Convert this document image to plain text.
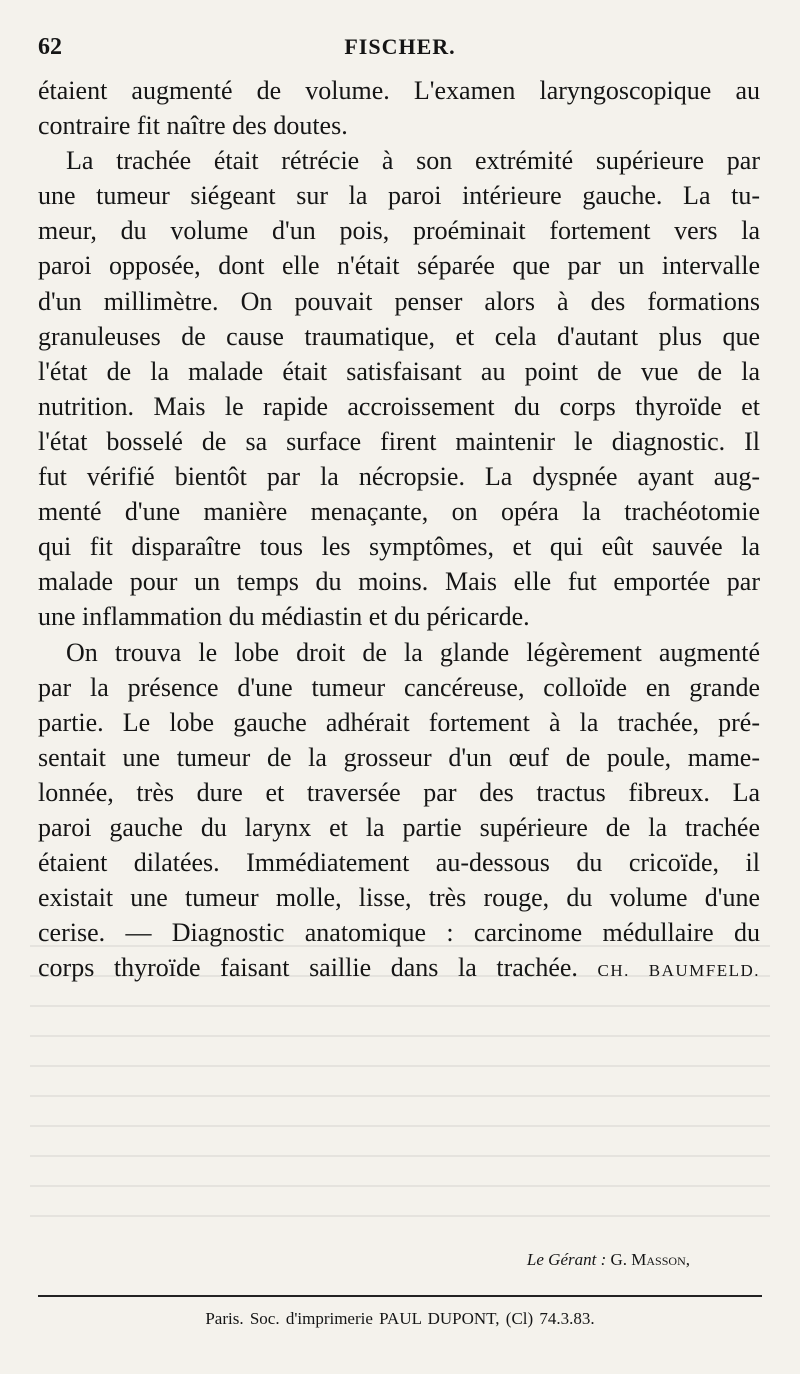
62	FISCHER.
étaient augmenté de volume. L'examen laryngoscopique au
contraire fit naître des doutes.
La trachée était rétrécie à son extrémité supérieure par
une tumeur siégeant sur la paroi intérieure gauche. La tu-
meur, du volume d'un pois, proéminait fortement vers la
paroi opposée, dont elle n'était séparée que par un intervalle
d'un millimètre. On pouvait penser alors à des formations
granuleuses de cause traumatique, et cela d'autant plus que
l'état de la malade était satisfaisant au point de vue de la
nutrition. Mais le rapide accroissement du corps thyroïde et
l'état bosselé de sa surface firent maintenir le diagnostic. Il
fut vérifié bientôt par la nécropsie. La dyspnée ayant aug-
menté d'une manière menaçante, on opéra la trachéotomie
qui fit disparaître tous les symptômes, et qui eût sauvée la
malade pour un temps du moins. Mais elle fut emportée par
une inflammation du médiastin et du péricarde.
On trouva le lobe droit de la glande légèrement augmenté
par la présence d'une tumeur cancéreuse, colloïde en grande
partie. Le lobe gauche adhérait fortement à la trachée, pré-
sentait une tumeur de la grosseur d'un œuf de poule, mame-
lonnée, très dure et traversée par des tractus fibreux. La
paroi gauche du larynx et la partie supérieure de la trachée
étaient dilatées. Immédiatement au-dessous du cricoïde, il
existait une tumeur molle, lisse, très rouge, du volume d'une
cerise. — Diagnostic anatomique : carcinome médullaire du
corps thyroïde faisant saillie dans la trachée. CH. BAUMFELD.
Le Gérant : G. Masson,
Paris. Soc. d'imprimerie PAUL DUPONT, (Cl) 74.3.83.
